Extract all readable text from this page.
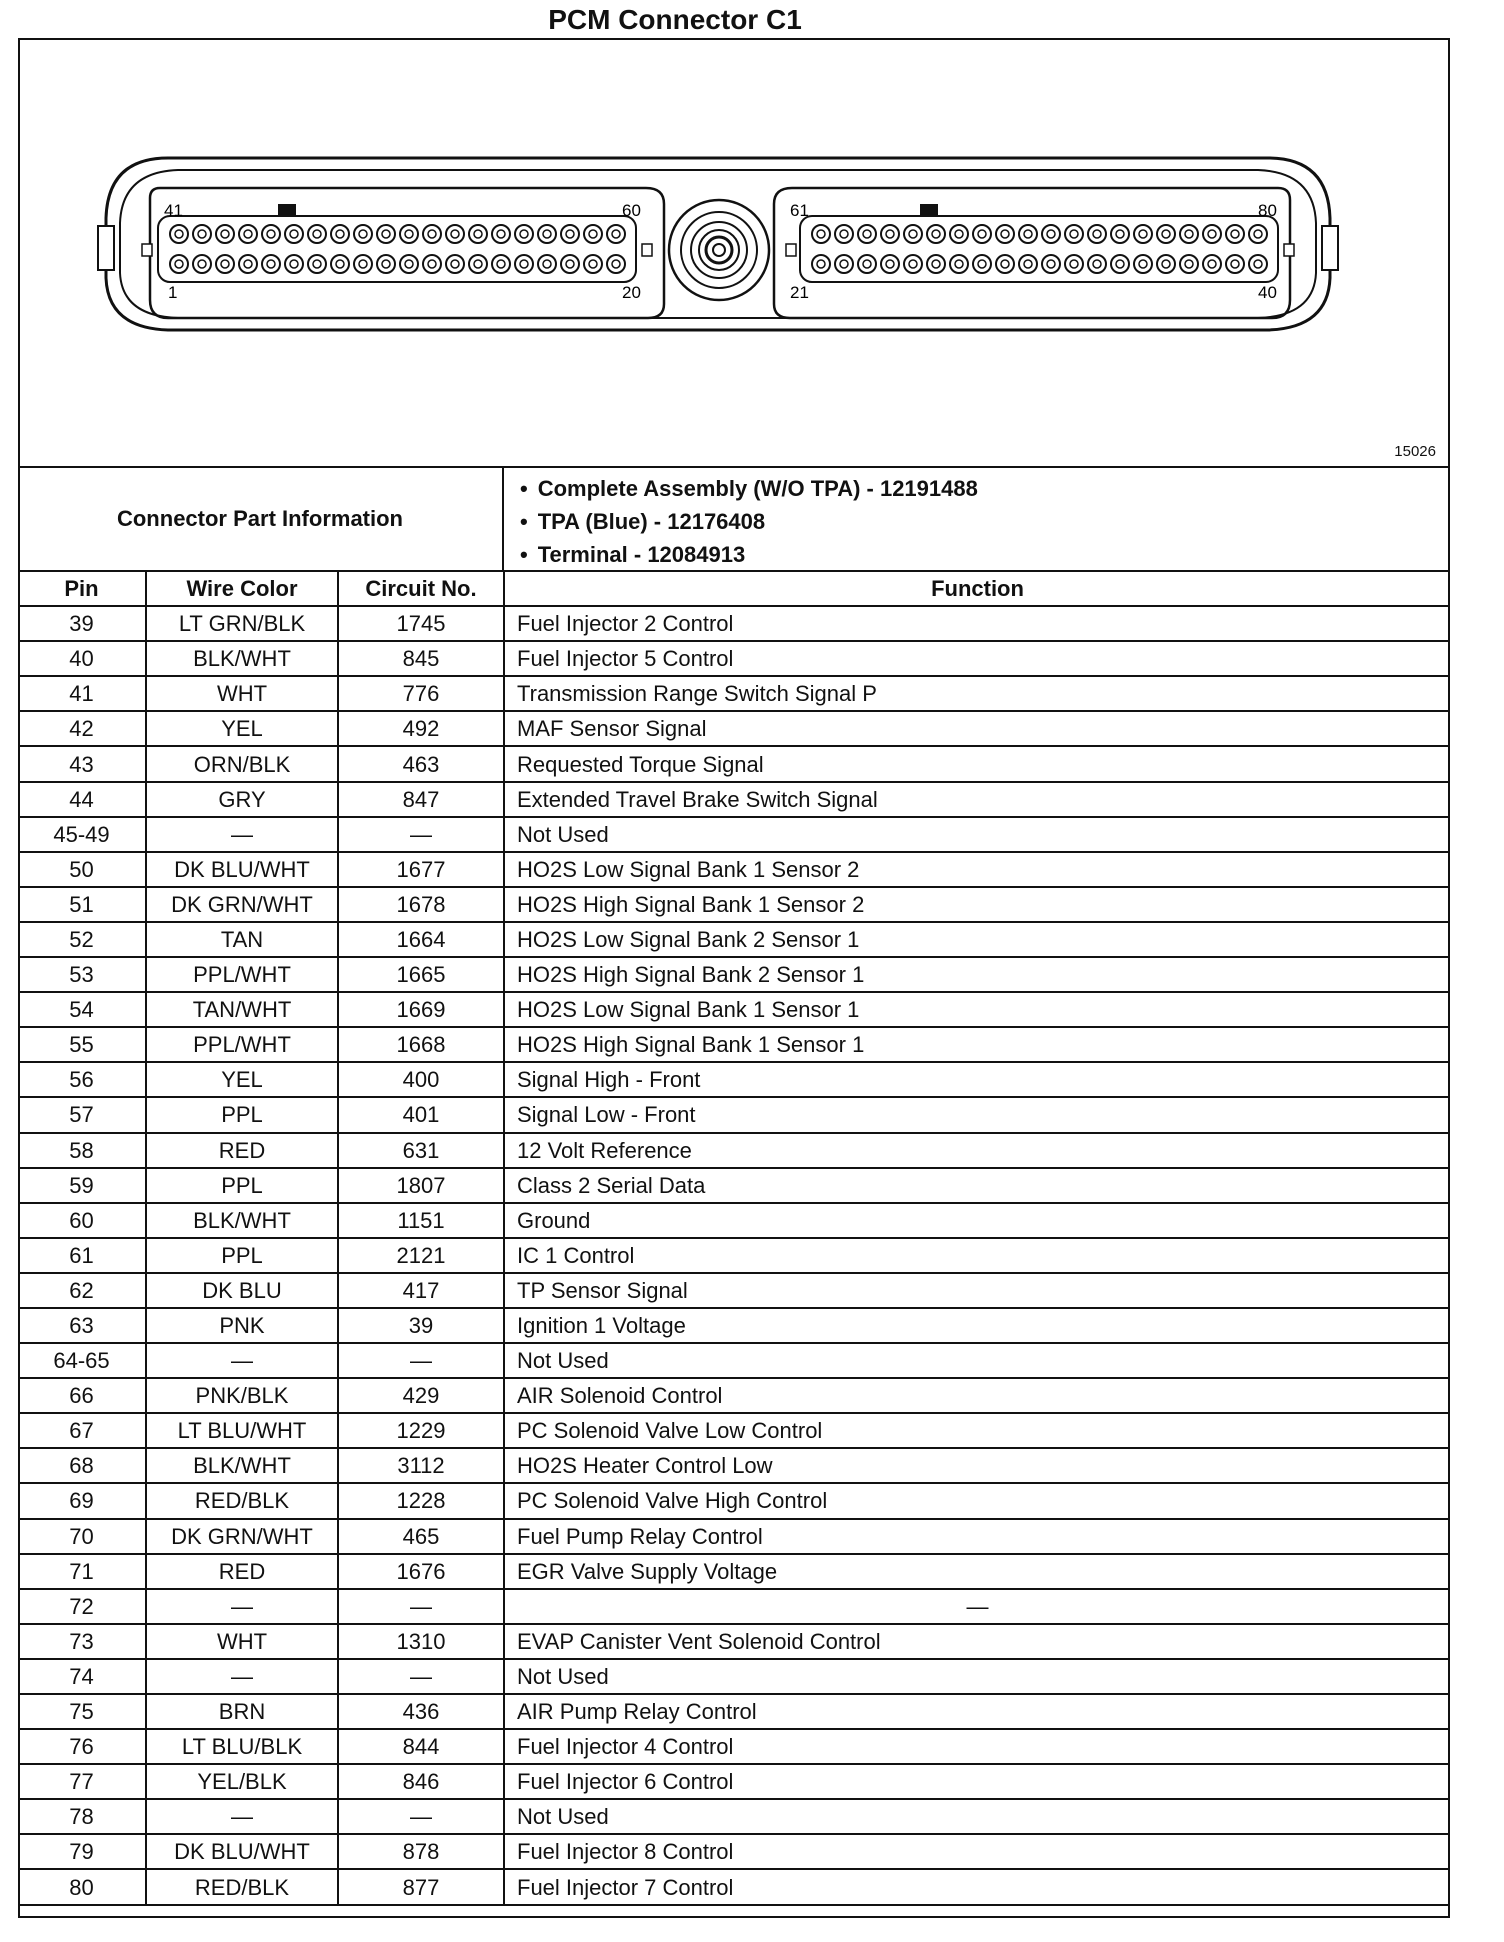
PCM Connector C1
41	60
1	20
61	80
21	40
15026
Connector Part Information
• Complete Assembly (W/O TPA) - 12191488
• TPA (Blue) - 12176408
• Terminal - 12084913
Pin	Wire Color	Circuit No.	Function
39	LT GRN/BLK	1745	Fuel Injector 2 Control
40	BLK/WHT	845	Fuel Injector 5 Control
41	WHT	776	Transmission Range Switch Signal P
42	YEL	492	MAF Sensor Signal
43	ORN/BLK	463	Requested Torque Signal
44	GRY	847	Extended Travel Brake Switch Signal
45-49	—	—	Not Used
50	DK BLU/WHT	1677	HO2S Low Signal Bank 1 Sensor 2
51	DK GRN/WHT	1678	HO2S High Signal Bank 1 Sensor 2
52	TAN	1664	HO2S Low Signal Bank 2 Sensor 1
53	PPL/WHT	1665	HO2S High Signal Bank 2 Sensor 1
54	TAN/WHT	1669	HO2S Low Signal Bank 1 Sensor 1
55	PPL/WHT	1668	HO2S High Signal Bank 1 Sensor 1
56	YEL	400	Signal High - Front
57	PPL	401	Signal Low - Front
58	RED	631	12 Volt Reference
59	PPL	1807	Class 2 Serial Data
60	BLK/WHT	1151	Ground
61	PPL	2121	IC 1 Control
62	DK BLU	417	TP Sensor Signal
63	PNK	39	Ignition 1 Voltage
64-65	—	—	Not Used
66	PNK/BLK	429	AIR Solenoid Control
67	LT BLU/WHT	1229	PC Solenoid Valve Low Control
68	BLK/WHT	3112	HO2S Heater Control Low
69	RED/BLK	1228	PC Solenoid Valve High Control
70	DK GRN/WHT	465	Fuel Pump Relay Control
71	RED	1676	EGR Valve Supply Voltage
72	—	—	—
73	WHT	1310	EVAP Canister Vent Solenoid Control
74	—	—	Not Used
75	BRN	436	AIR Pump Relay Control
76	LT BLU/BLK	844	Fuel Injector 4 Control
77	YEL/BLK	846	Fuel Injector 6 Control
78	—	—	Not Used
79	DK BLU/WHT	878	Fuel Injector 8 Control
80	RED/BLK	877	Fuel Injector 7 Control
